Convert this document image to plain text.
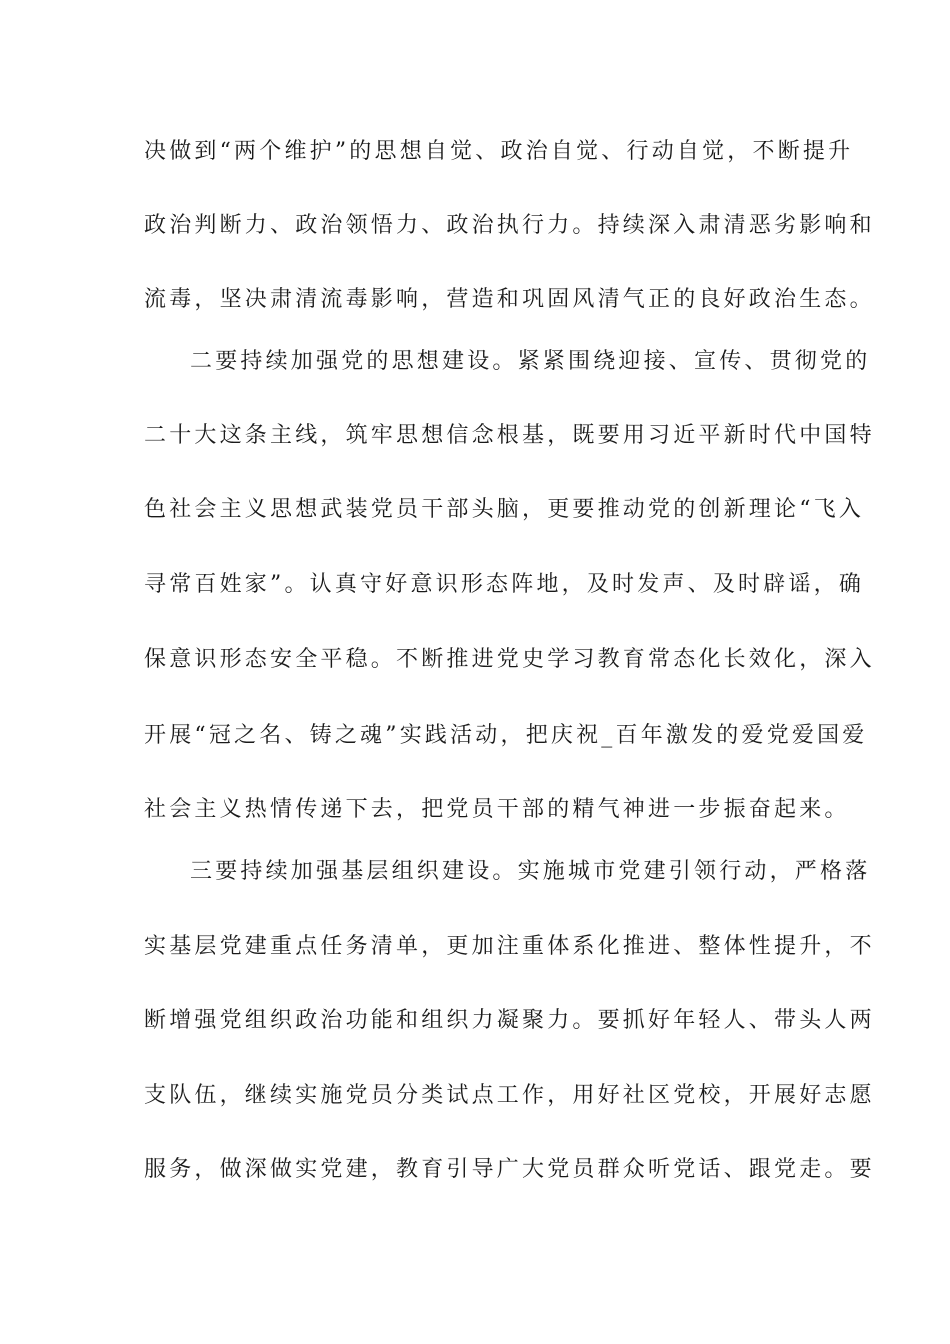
决做到“两个维护”的思想自觉、政治自觉、行动自觉，不断提升
政治判断力、政治领悟力、政治执行力。持续深入肃清恶劣影响和
流毒，坚决肃清流毒影响，营造和巩固风清气正的良好政治生态。
二要持续加强党的思想建设。紧紧围绕迎接、宣传、贯彻党的
二十大这条主线，筑牢思想信念根基，既要用习近平新时代中国特
色社会主义思想武装党员干部头脑，更要推动党的创新理论“飞入
寻常百姓家”。认真守好意识形态阵地，及时发声、及时辟谣，确
保意识形态安全平稳。不断推进党史学习教育常态化长效化，深入
开展“冠之名、铸之魂”实践活动，把庆祝_百年激发的爱党爱国爱
社会主义热情传递下去，把党员干部的精气神进一步振奋起来。
三要持续加强基层组织建设。实施城市党建引领行动，严格落
实基层党建重点任务清单，更加注重体系化推进、整体性提升，不
断增强党组织政治功能和组织力凝聚力。要抓好年轻人、带头人两
支队伍，继续实施党员分类试点工作，用好社区党校，开展好志愿
服务，做深做实党建，教育引导广大党员群众听党话、跟党走。要
